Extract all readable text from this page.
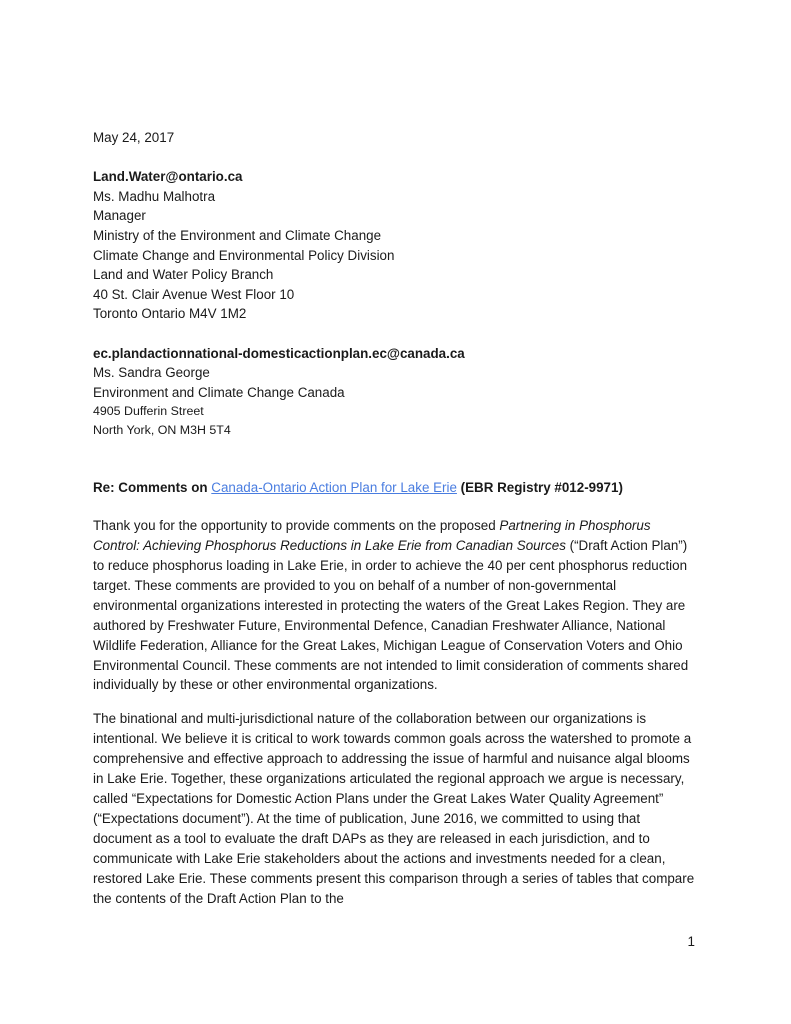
May 24, 2017
Land.Water@ontario.ca
Ms. Madhu Malhotra
Manager
Ministry of the Environment and Climate Change
Climate Change and Environmental Policy Division
Land and Water Policy Branch
40 St. Clair Avenue West Floor 10
Toronto Ontario M4V 1M2
ec.plandactionnational-domesticactionplan.ec@canada.ca
Ms. Sandra George
Environment and Climate Change Canada
4905 Dufferin Street
North York, ON M3H 5T4
Re: Comments on Canada-Ontario Action Plan for Lake Erie (EBR Registry #012-9971)

Thank you for the opportunity to provide comments on the proposed Partnering in Phosphorus Control: Achieving Phosphorus Reductions in Lake Erie from Canadian Sources (“Draft Action Plan”) to reduce phosphorus loading in Lake Erie, in order to achieve the 40 per cent phosphorus reduction target. These comments are provided to you on behalf of a number of non-governmental environmental organizations interested in protecting the waters of the Great Lakes Region. They are authored by Freshwater Future, Environmental Defence, Canadian Freshwater Alliance, National Wildlife Federation, Alliance for the Great Lakes, Michigan League of Conservation Voters and Ohio Environmental Council. These comments are not intended to limit consideration of comments shared individually by these or other environmental organizations.

The binational and multi-jurisdictional nature of the collaboration between our organizations is intentional. We believe it is critical to work towards common goals across the watershed to promote a comprehensive and effective approach to addressing the issue of harmful and nuisance algal blooms in Lake Erie. Together, these organizations articulated the regional approach we argue is necessary, called “Expectations for Domestic Action Plans under the Great Lakes Water Quality Agreement” (“Expectations document”). At the time of publication, June 2016, we committed to using that document as a tool to evaluate the draft DAPs as they are released in each jurisdiction, and to communicate with Lake Erie stakeholders about the actions and investments needed for a clean, restored Lake Erie. These comments present this comparison through a series of tables that compare the contents of the Draft Action Plan to the

1
